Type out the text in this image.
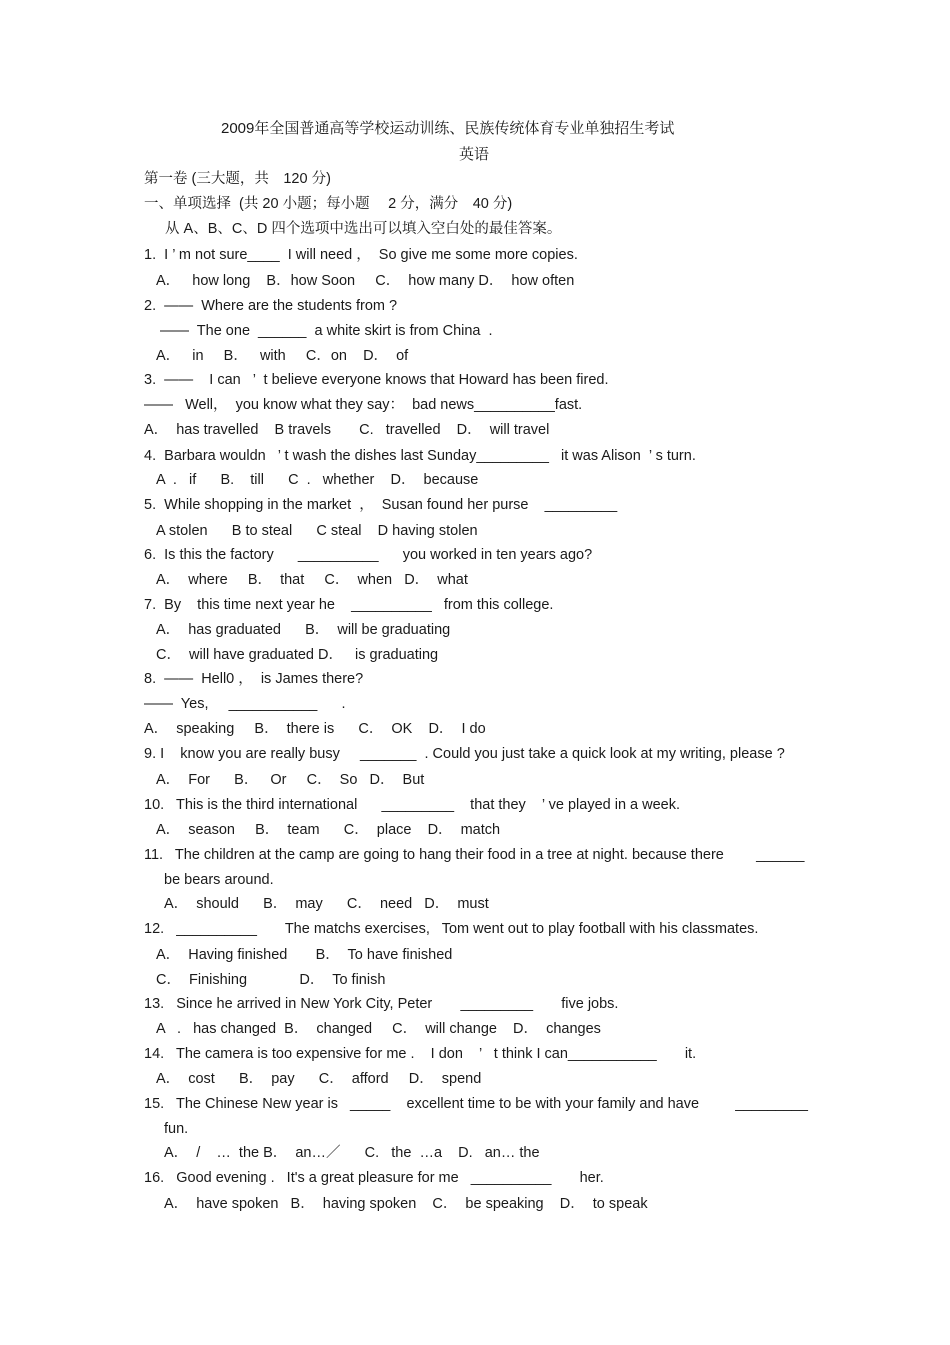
2009年全国普通高等学校运动训练、民族传统体育专业单独招生考试
英语
第一卷 (三大题，共　120 分)
一、单项选择  (共 20 小题；每小题　 2 分，满分　40 分)
从 A、B、C、D 四个选项中选出可以填入空白处的最佳答案。
1.  I ’ m not sure____  I will need ，  So give me some more copies.
A．   how long    B．how Soon     C．  how many D．  how often
2.  ——  Where are the students from ?
——  The one  ______  a white skirt is from China  .
A．   in     B．   with     C．on    D．  of
3.  ——    I can   ’  t believe everyone knows that Howard has been fired.
——   Well，  you know what they say：  bad news__________fast.
A．  has travelled    B travels       C.   travelled    D．  will travel
4.  Barbara wouldn   ’ t wash the dishes last Sunday_________   it was Alison  ’ s turn.
A  .   if      B.    till      C  .   whether    D．  because
5.  While shopping in the market  ，  Susan found her purse    _________
A stolen      B to steal      C steal    D having stolen
6.  Is this the factory      __________      you worked in ten years ago?
A．  where     B．  that     C．  when   D．  what
7.  By    this time next year he    __________   from this college.
A．  has graduated      B．  will be graduating
C．  will have graduated D．   is graduating
8.  ——  Hell0 ，  is James there?
——  Yes,     ___________      .
A．  speaking     B．  there is      C．  OK    D．  I do
9. I    know you are really busy     _______  . Could you just take a quick look at my writing, please ?
A．  For      B．   Or     C．  So   D．  But
10.   This is the third international      _________    that they    ’ ve played in a week.
A．  season     B．  team      C．  place    D．  match
11.   The children at the camp are going to hang their food in a tree at night. because there        ______
be bears around.
A．  should      B．  may      C．  need   D．  must
12.   __________       The matchs exercises,   Tom went out to play football with his classmates.
A．  Having finished       B．  To have finished
C．  Finishing             D．  To finish
13.   Since he arrived in New York City, Peter       _________       five jobs.
A   .   has changed  B．  changed     C．  will change    D．  changes
14.   The camera is too expensive for me .    I don    ’   t think I can___________       it.
A．  cost      B．  pay      C．  afford     D．  spend
15.   The Chinese New year is   _____    excellent time to be with your family and have         _________
fun.
A．  /    …  the B．  an…／      C.   the  …a    D.   an… the
16.   Good evening .   It's a great pleasure for me   __________       her.
A．  have spoken   B．  having spoken    C．  be speaking    D．  to speak
